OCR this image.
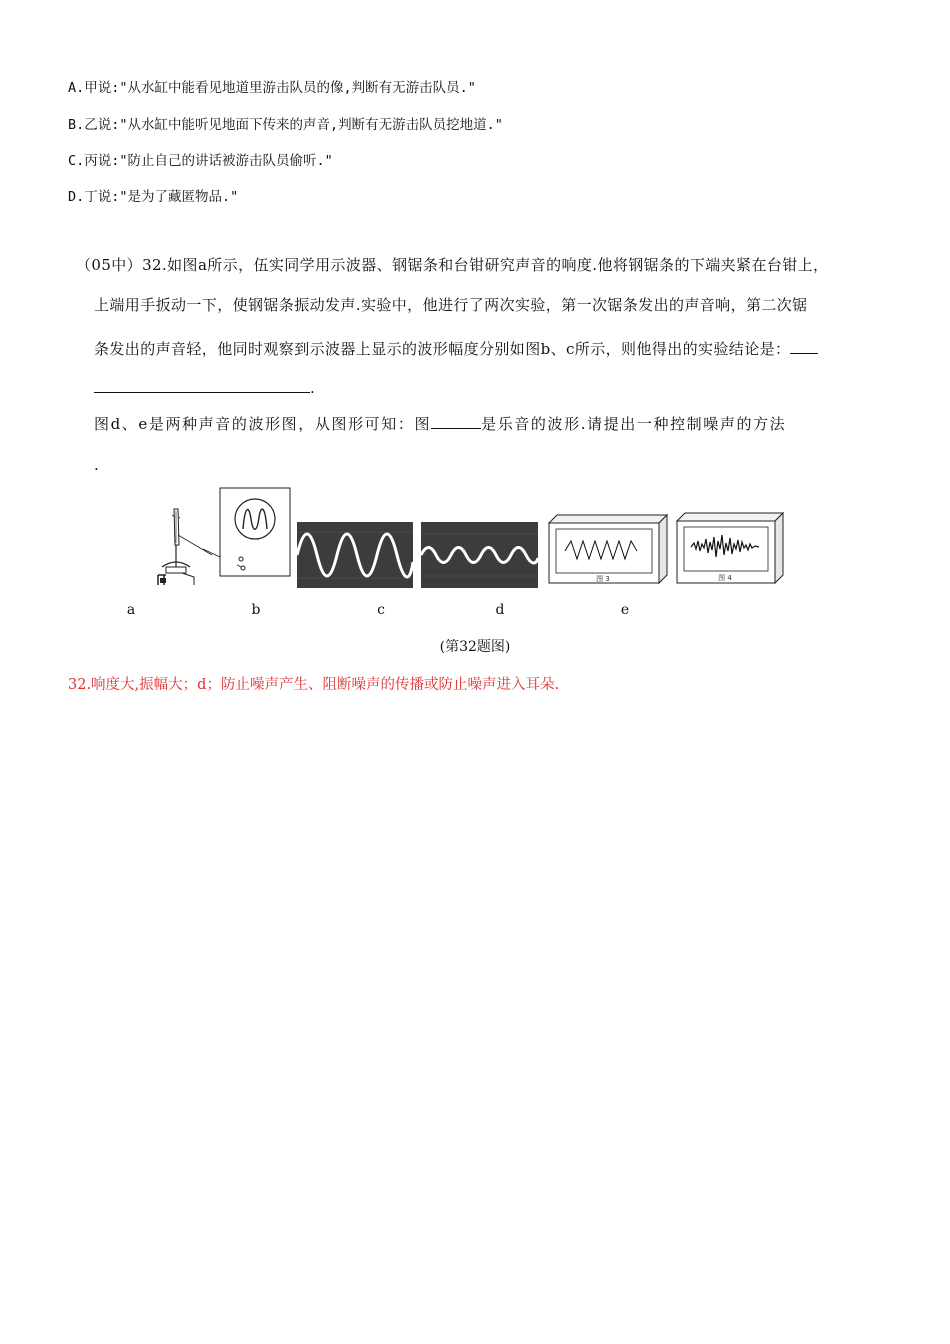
A.甲说:"从水缸中能看见地道里游击队员的像,判断有无游击队员."
B.乙说:"从水缸中能听见地面下传来的声音,判断有无游击队员挖地道."
C.丙说:"防止自己的讲话被游击队员偷听."
D.丁说:"是为了藏匿物品."
（05中）32.如图a所示，伍实同学用示波器、钢锯条和台钳研究声音的响度.他将钢锯条的下端夹紧在台钳上，
上端用手扳动一下，使钢锯条振动发声.实验中，他进行了两次实验，第一次锯条发出的声音响，第二次锯
条发出的声音轻，他同时观察到示波器上显示的波形幅度分别如图b、c所示，则他得出的实验结论是：
.
图d、e是两种声音的波形图，从图形可知：图	是乐音的波形.请提出一种控制噪声的方法
.
图 3	图 4
a	b	c	d	e
(第32题图)
32.响度大,振幅大；d；防止噪声产生、阻断噪声的传播或防止噪声进入耳朵.
